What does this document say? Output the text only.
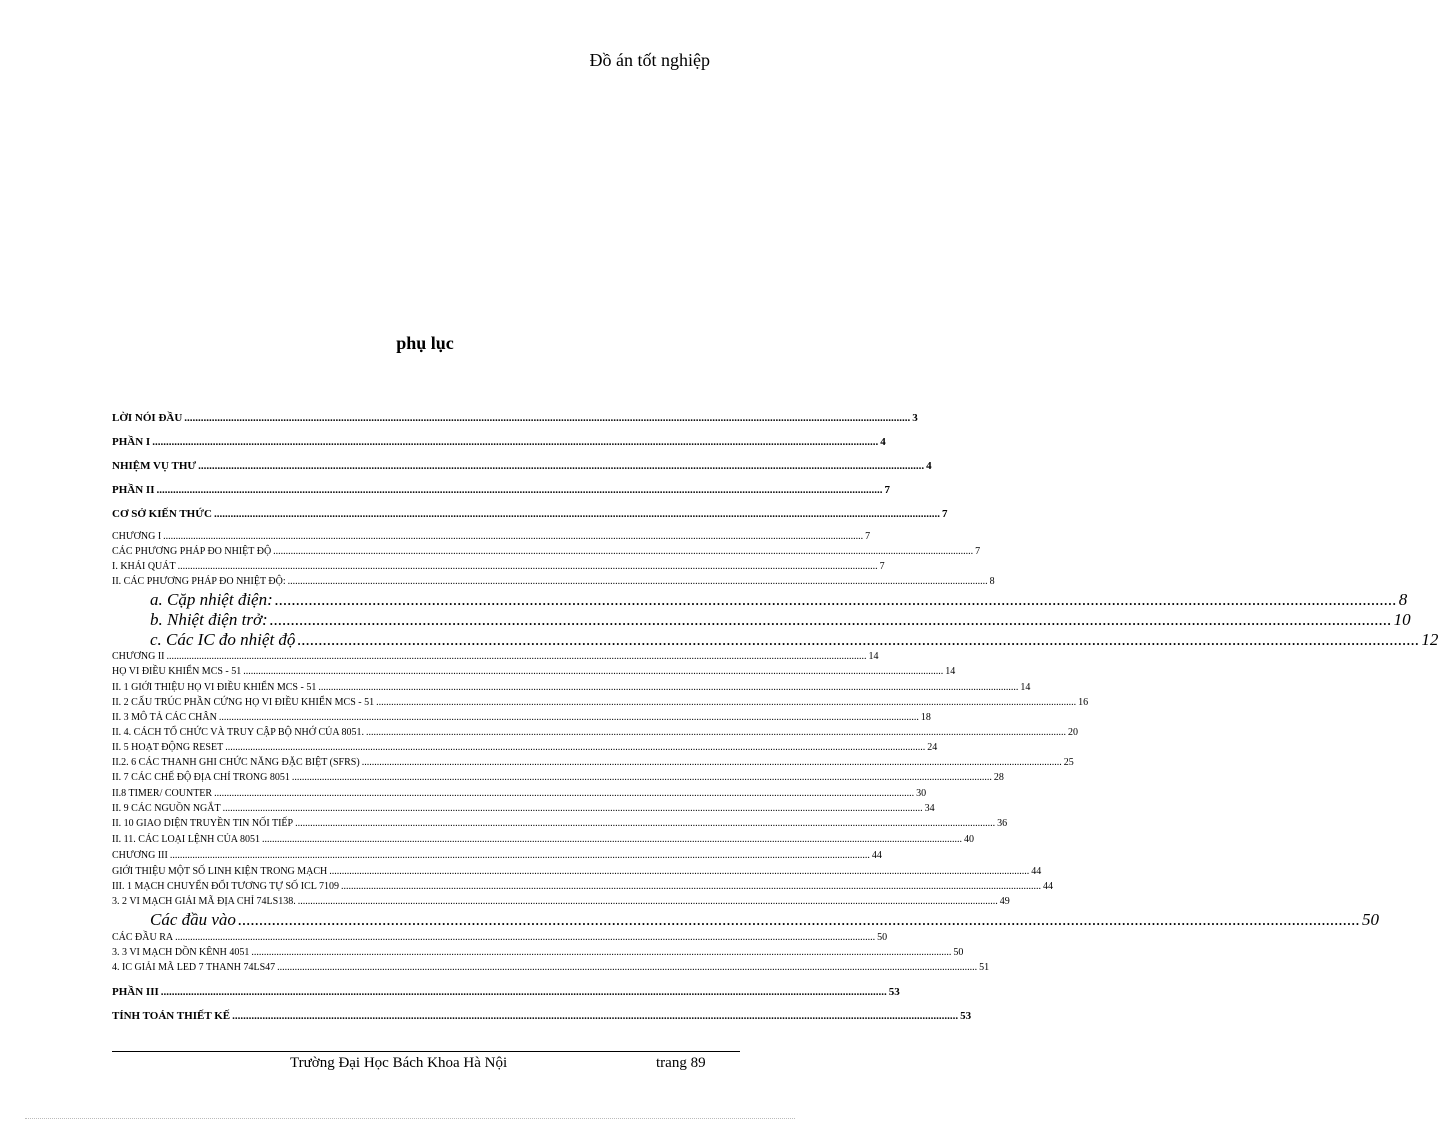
Đồ án tốt nghiệp
phụ lục
LỜI NÓI ĐẦU ........................................................................................................................................................................................................................................................................ 3
PHẦN I ........................................................................................................................................................................................................................................................................ 4
NHIỆM VỤ THƯ ........................................................................................................................................................................................................................................................................ 4
PHẦN II ........................................................................................................................................................................................................................................................................ 7
CƠ SỞ KIẾN THỨC ........................................................................................................................................................................................................................................................................ 7
CHƯƠNG I ........................................................................................................................................................................................................................................................................................ 7
CÁC PHƯƠNG PHÁP ĐO NHIỆT ĐỘ ........................................................................................................................................................................................................................................................................................ 7
I. KHÁI QUÁT ........................................................................................................................................................................................................................................................................................ 7
II. CÁC PHƯƠNG PHÁP ĐO NHIỆT ĐỘ: ........................................................................................................................................................................................................................................................................................ 8
a. Cặp nhiệt điện: ........................................................................................................................................................................................................................................................................ 8
b. Nhiệt điện trở: ........................................................................................................................................................................................................................................................................ 10
c. Các IC đo nhiệt độ ........................................................................................................................................................................................................................................................................ 12
CHƯƠNG II ........................................................................................................................................................................................................................................................................................ 14
HỌ VI ĐIỀU KHIỂN MCS - 51 ........................................................................................................................................................................................................................................................................................ 14
II. 1 GIỚI THIỆU HỌ VI ĐIỀU KHIỂN MCS - 51 ........................................................................................................................................................................................................................................................................................ 14
II. 2 CẤU TRÚC PHẦN CỨNG HỌ VI ĐIỀU KHIỂN MCS - 51 ........................................................................................................................................................................................................................................................................................ 16
II. 3 MÔ TẢ CÁC CHÂN ........................................................................................................................................................................................................................................................................................ 18
II. 4. CÁCH TỔ CHỨC VÀ TRUY CẬP BỘ NHỚ CỦA 8051. ........................................................................................................................................................................................................................................................................................ 20
II. 5 HOẠT ĐỘNG RESET ........................................................................................................................................................................................................................................................................................ 24
II.2. 6 CÁC THANH GHI CHỨC NĂNG ĐẶC BIỆT (SFRS) ........................................................................................................................................................................................................................................................................................ 25
II. 7 CÁC CHẾ ĐỘ ĐỊA CHỈ TRONG 8051 ........................................................................................................................................................................................................................................................................................ 28
II.8 TIMER/ COUNTER ........................................................................................................................................................................................................................................................................................ 30
II. 9 CÁC NGUỒN NGẮT ........................................................................................................................................................................................................................................................................................ 34
II. 10 GIAO DIỆN TRUYỀN TIN NỐI TIẾP ........................................................................................................................................................................................................................................................................................ 36
II. 11. CÁC LOẠI LỆNH CỦA 8051 ........................................................................................................................................................................................................................................................................................ 40
CHƯƠNG III ........................................................................................................................................................................................................................................................................................ 44
GIỚI THIỆU MỘT SỐ LINH KIỆN TRONG MẠCH ........................................................................................................................................................................................................................................................................................ 44
III. 1 MẠCH CHUYỂN ĐỔI TƯƠNG TỰ SỐ ICL 7109 ........................................................................................................................................................................................................................................................................................ 44
3. 2 VI MẠCH GIẢI MÃ ĐỊA CHỈ 74LS138. ........................................................................................................................................................................................................................................................................................ 49
Các đầu vào ........................................................................................................................................................................................................................................................................ 50
CÁC ĐẦU RA ........................................................................................................................................................................................................................................................................................ 50
3. 3 VI MẠCH DỒN KÊNH 4051 ........................................................................................................................................................................................................................................................................................ 50
4. IC GIẢI MÃ LED 7 THANH 74LS47 ........................................................................................................................................................................................................................................................................................ 51
PHẦN III ........................................................................................................................................................................................................................................................................ 53
TÍNH TOÁN THIẾT KẾ ........................................................................................................................................................................................................................................................................ 53
Trường Đại Học Bách Khoa Hà Nội	trang 89
